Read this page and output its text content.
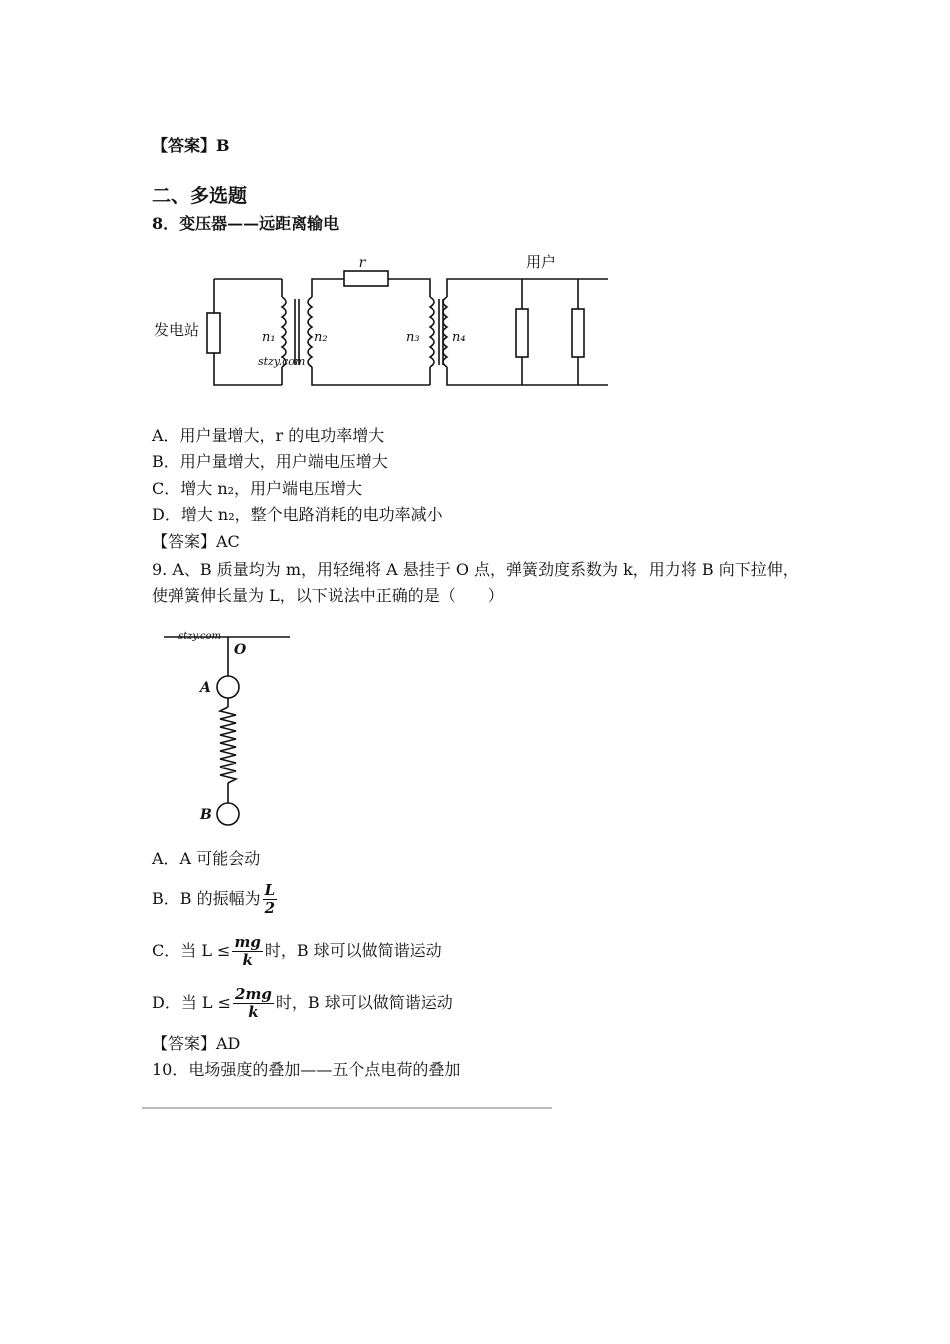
【答案】B
二、多选题
8．变压器——远距离输电
r	用户
发电站	n₁	n₂	n₃ n₄
stzy.com
A．用户量增大，r 的电功率增大
B．用户量增大，用户端电压增大
C．增大 n₂，用户端电压增大
D．增大 n₂，整个电路消耗的电功率减小
【答案】AC
9. A、B 质量均为 m，用轻绳将 A 悬挂于 O 点，弹簧劲度系数为 k，用力将 B 向下拉伸，
使弹簧伸长量为 L，以下说法中正确的是（　　）
stzy.com
O
A
B
A．A 可能会动
B．B 的振幅为 $\frac{L}{2}$
C．当 $L \le \frac{mg}{k}$ 时，B 球可以做简谐运动
D．当 $L \le \frac{2mg}{k}$ 时，B 球可以做简谐运动
【答案】AD
10．电场强度的叠加——五个点电荷的叠加
